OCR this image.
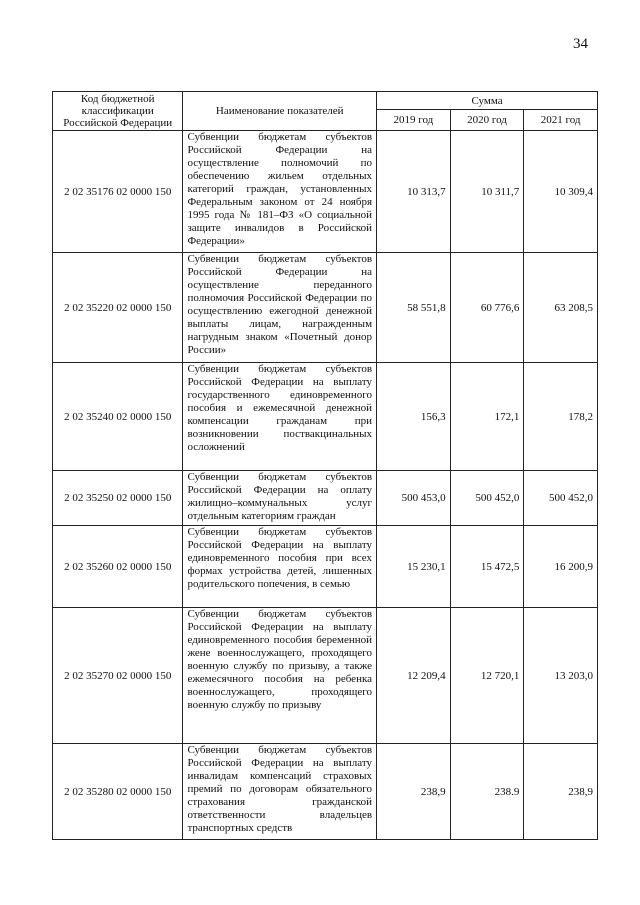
34
Код бюджетной классификации Российской Федерации	Наименование показателей	Сумма		
		2019 год	2020 год	2021 год
2 02 35176 02 0000 150	Субвенции бюджетам субъектов Российской Федерации на осуществление полномочий по обеспечению жильем отдельных категорий граждан, установленных Федеральным законом от 24 ноября 1995 года № 181–ФЗ «О социальной защите инвалидов в Российской Федерации»	10 313,7	10 311,7	10 309,4
2 02 35220 02 0000 150	Субвенции бюджетам субъектов Российской Федерации на осуществление переданного полномочия Российской Федерации по осуществлению ежегодной денежной выплаты лицам, награжденным нагрудным знаком «Почетный донор России»	58 551,8	60 776,6	63 208,5
2 02 35240 02 0000 150	Субвенции бюджетам субъектов Российской Федерации на выплату государственного единовременного пособия и ежемесячной денежной компенсации гражданам при возникновении поствакцинальных осложнений	156,3	172,1	178,2
2 02 35250 02 0000 150	Субвенции бюджетам субъектов Российской Федерации на оплату жилищно–коммунальных услуг отдельным категориям граждан	500 453,0	500 452,0	500 452,0
2 02 35260 02 0000 150	Субвенции бюджетам субъектов Российской Федерации на выплату единовременного пособия при всех формах устройства детей, лишенных родительского попечения, в семью	15 230,1	15 472,5	16 200,9
2 02 35270 02 0000 150	Субвенции бюджетам субъектов Российской Федерации на выплату единовременного пособия беременной жене военнослужащего, проходящего военную службу по призыву, а также ежемесячного пособия на ребенка военнослужащего, проходящего военную службу по призыву	12 209,4	12 720,1	13 203,0
2 02 35280 02 0000 150	Субвенции бюджетам субъектов Российской Федерации на выплату инвалидам компенсаций страховых премий по договорам обязательного страхования гражданской ответственности владельцев транспортных средств	238,9	238.9	238,9
